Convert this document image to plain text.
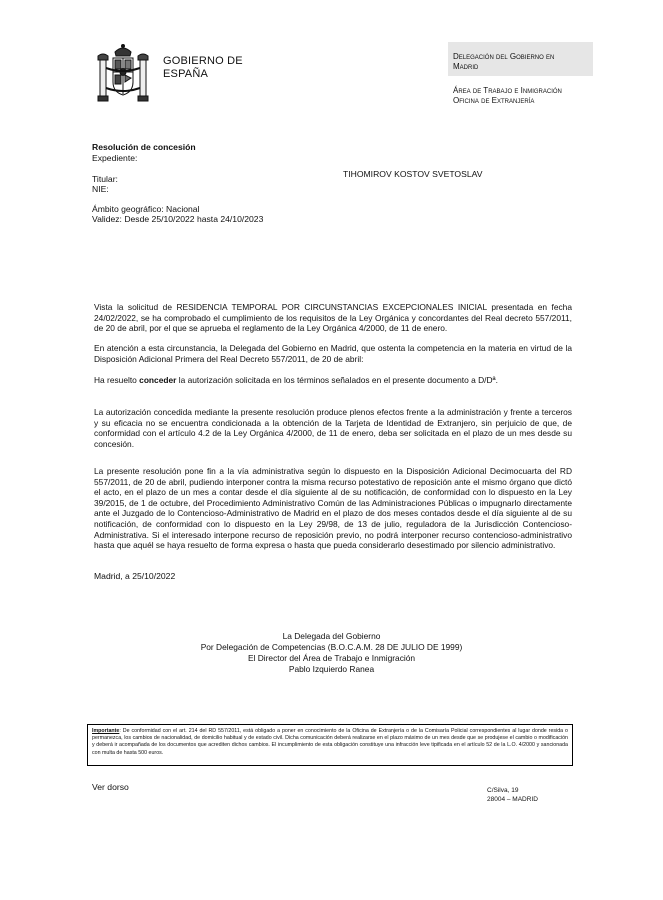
GOBIERNO DE
ESPAÑA
Delegación del Gobierno en
Madrid
Área de Trabajo e Inmigración
Oficina de Extranjería
Resolución de concesión
Expediente:
Titular:	TIHOMIROV KOSTOV SVETOSLAV
NIE:
Ámbito geográfico: Nacional
Validez: Desde 25/10/2022 hasta 24/10/2023
Vista la solicitud de RESIDENCIA TEMPORAL POR CIRCUNSTANCIAS EXCEPCIONALES INICIAL presentada en fecha 24/02/2022, se ha comprobado el cumplimiento de los requisitos de la Ley Orgánica y concordantes del Real decreto 557/2011, de 20 de abril, por el que se aprueba el reglamento de la Ley Orgánica 4/2000, de 11 de enero.
En atención a esta circunstancia, la Delegada del Gobierno en Madrid, que ostenta la competencia en la materia en virtud de la Disposición Adicional Primera del Real Decreto 557/2011, de 20 de abril:
Ha resuelto conceder la autorización solicitada en los términos señalados en el presente documento a D/Dª.
La autorización concedida mediante la presente resolución produce plenos efectos frente a la administración y frente a terceros y su eficacia no se encuentra condicionada a la obtención de la Tarjeta de Identidad de Extranjero, sin perjuicio de que, de conformidad con el artículo 4.2 de la Ley Orgánica 4/2000, de 11 de enero, deba ser solicitada en el plazo de un mes desde su concesión.
La presente resolución pone fin a la vía administrativa según lo dispuesto en la Disposición Adicional Decimocuarta del RD 557/2011, de 20 de abril, pudiendo interponer contra la misma recurso potestativo de reposición ante el mismo órgano que dictó el acto, en el plazo de un mes a contar desde el día siguiente al de su notificación, de conformidad con lo dispuesto en la Ley 39/2015, de 1 de octubre, del Procedimiento Administrativo Común de las Administraciones Públicas o impugnarlo directamente ante el Juzgado de lo Contencioso-Administrativo de Madrid en el plazo de dos meses contados desde el día siguiente al de su notificación, de conformidad con lo dispuesto en la Ley 29/98, de 13 de julio, reguladora de la Jurisdicción Contencioso-Administrativa. Si el interesado interpone recurso de reposición previo, no podrá interponer recurso contencioso-administrativo hasta que aquél se haya resuelto de forma expresa o hasta que pueda considerarlo desestimado por silencio administrativo.
Madrid, a 25/10/2022
La Delegada del Gobierno
Por Delegación de Competencias (B.O.C.A.M. 28 DE JULIO DE 1999)
El Director del Área de Trabajo e Inmigración
Pablo Izquierdo Ranea
Importante: De conformidad con el art. 214 del RD 557/2011, está obligado a poner en conocimiento de la Oficina de Extranjería o de la Comisaría Policial correspondientes al lugar donde resida o permanezca, los cambios de nacionalidad, de domicilio habitual y de estado civil. Dicha comunicación deberá realizarse en el plazo máximo de un mes desde que se produjese el cambio o modificación y deberá ir acompañada de los documentos que acrediten dichos cambios. El incumplimiento de esta obligación constituye una infracción leve tipificada en el artículo 52 de la L.O. 4/2000 y sancionada con multa de hasta 500 euros.
Ver dorso	C/Silva, 19
28004 – MADRID
